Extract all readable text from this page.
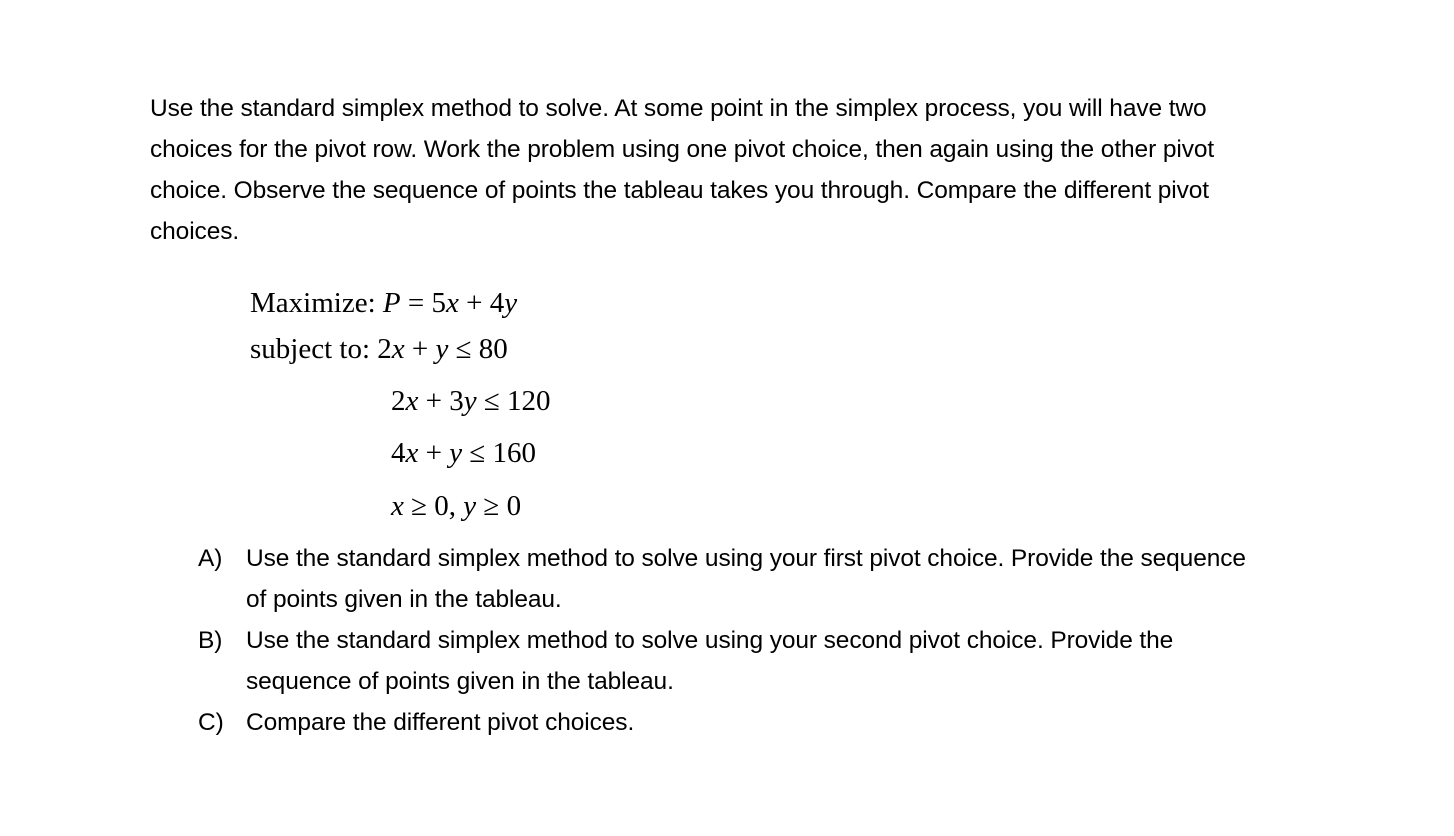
Use the standard simplex method to solve. At some point in the simplex process, you will have two
choices for the pivot row. Work the problem using one pivot choice, then again using the other pivot
choice. Observe the sequence of points the tableau takes you through. Compare the different pivot
choices.
Maximize: P = 5x + 4y
subject to: 2x + y ≤ 80
2x + 3y ≤ 120
4x + y ≤ 160
x ≥ 0, y ≥ 0
A) Use the standard simplex method to solve using your first pivot choice. Provide the sequence
of points given in the tableau.
B) Use the standard simplex method to solve using your second pivot choice. Provide the
sequence of points given in the tableau.
C) Compare the different pivot choices.
